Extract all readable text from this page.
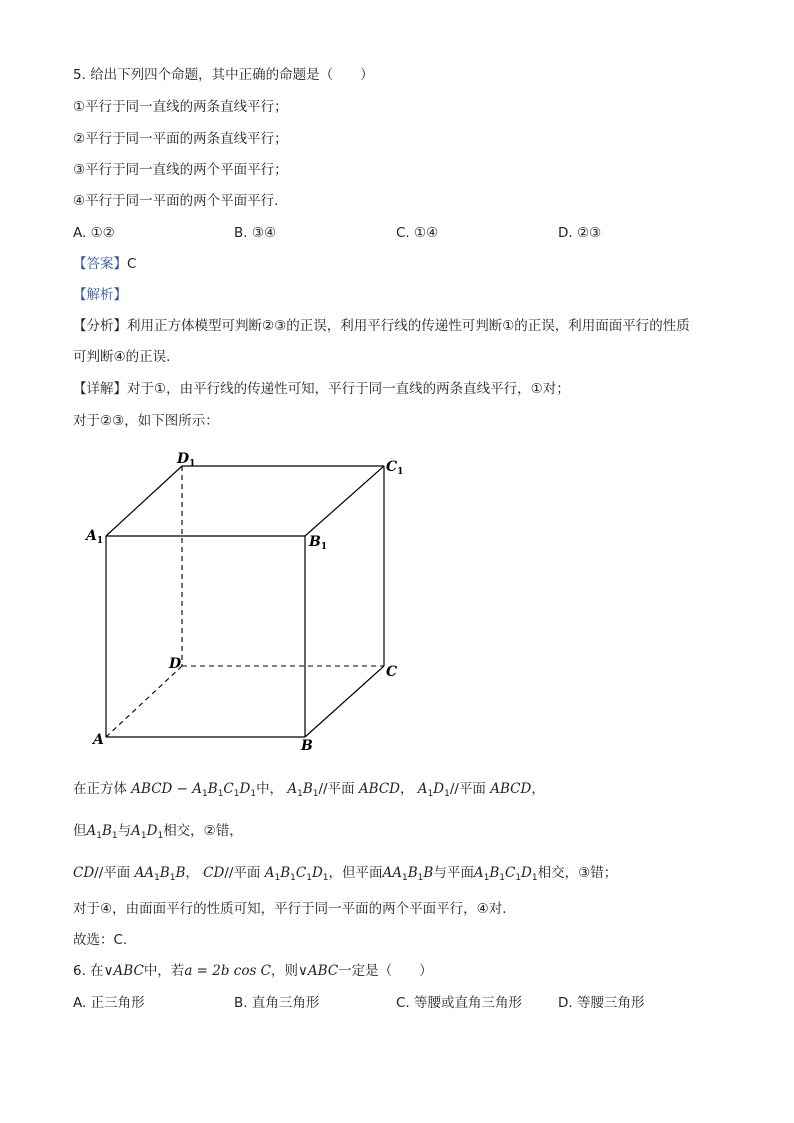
5. 给出下列四个命题，其中正确的命题是（　　）
①平行于同一直线的两条直线平行；
②平行于同一平面的两条直线平行；
③平行于同一直线的两个平面平行；
④平行于同一平面的两个平面平行.
A. ①②	B. ③④	C. ①④	D. ②③
【答案】C
【解析】
【分析】利用正方体模型可判断②③的正误，利用平行线的传递性可判断①的正误，利用面面平行的性质
可判断④的正误.
【详解】对于①，由平行线的传递性可知，平行于同一直线的两条直线平行，①对；
对于②③，如下图所示：
$D_1$	$C_1$
$A_1$	$B_1$
D	C
A	B
在正方体 ABCD − $A_1B_1C_1D_1$中， $A_1B_1//$平面 ABCD， $A_1D_1//$平面 ABCD，
但$A_1B_1$与$A_1D_1$相交，②错，
CD//平面 $AA_1B_1B$， CD//平面 $A_1B_1C_1D_1$，但平面$AA_1B_1B$与平面$A_1B_1C_1D_1$相交，③错；
对于④，由面面平行的性质可知，平行于同一平面的两个平面平行，④对.
故选：C.
6. 在∨ABC中，若a = 2b cos C，则∨ABC一定是（　　）
A. 正三角形	B. 直角三角形	C. 等腰或直角三角形	D. 等腰三角形
